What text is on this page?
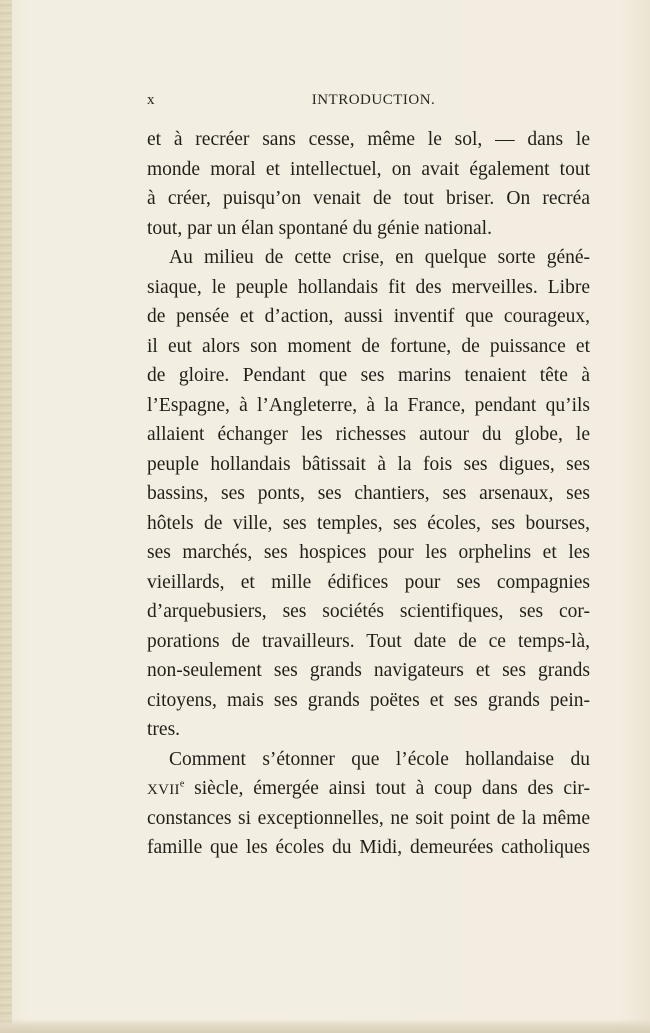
x	INTRODUCTION.
et à recréer sans cesse, même le sol, — dans le
monde moral et intellectuel, on avait également tout
à créer, puisqu’on venait de tout briser. On recréa
tout, par un élan spontané du génie national.
Au milieu de cette crise, en quelque sorte géné-
siaque, le peuple hollandais fit des merveilles. Libre
de pensée et d’action, aussi inventif que courageux,
il eut alors son moment de fortune, de puissance et
de gloire. Pendant que ses marins tenaient tête à
l’Espagne, à l’Angleterre, à la France, pendant qu’ils
allaient échanger les richesses autour du globe, le
peuple hollandais bâtissait à la fois ses digues, ses
bassins, ses ponts, ses chantiers, ses arsenaux, ses
hôtels de ville, ses temples, ses écoles, ses bourses,
ses marchés, ses hospices pour les orphelins et les
vieillards, et mille édifices pour ses compagnies
d’arquebusiers, ses sociétés scientifiques, ses cor-
porations de travailleurs. Tout date de ce temps-là,
non-seulement ses grands navigateurs et ses grands
citoyens, mais ses grands poëtes et ses grands pein-
tres.
Comment s’étonner que l’école hollandaise du
XVIIe siècle, émergée ainsi tout à coup dans des cir-
constances si exceptionnelles, ne soit point de la même
famille que les écoles du Midi, demeurées catholiques
